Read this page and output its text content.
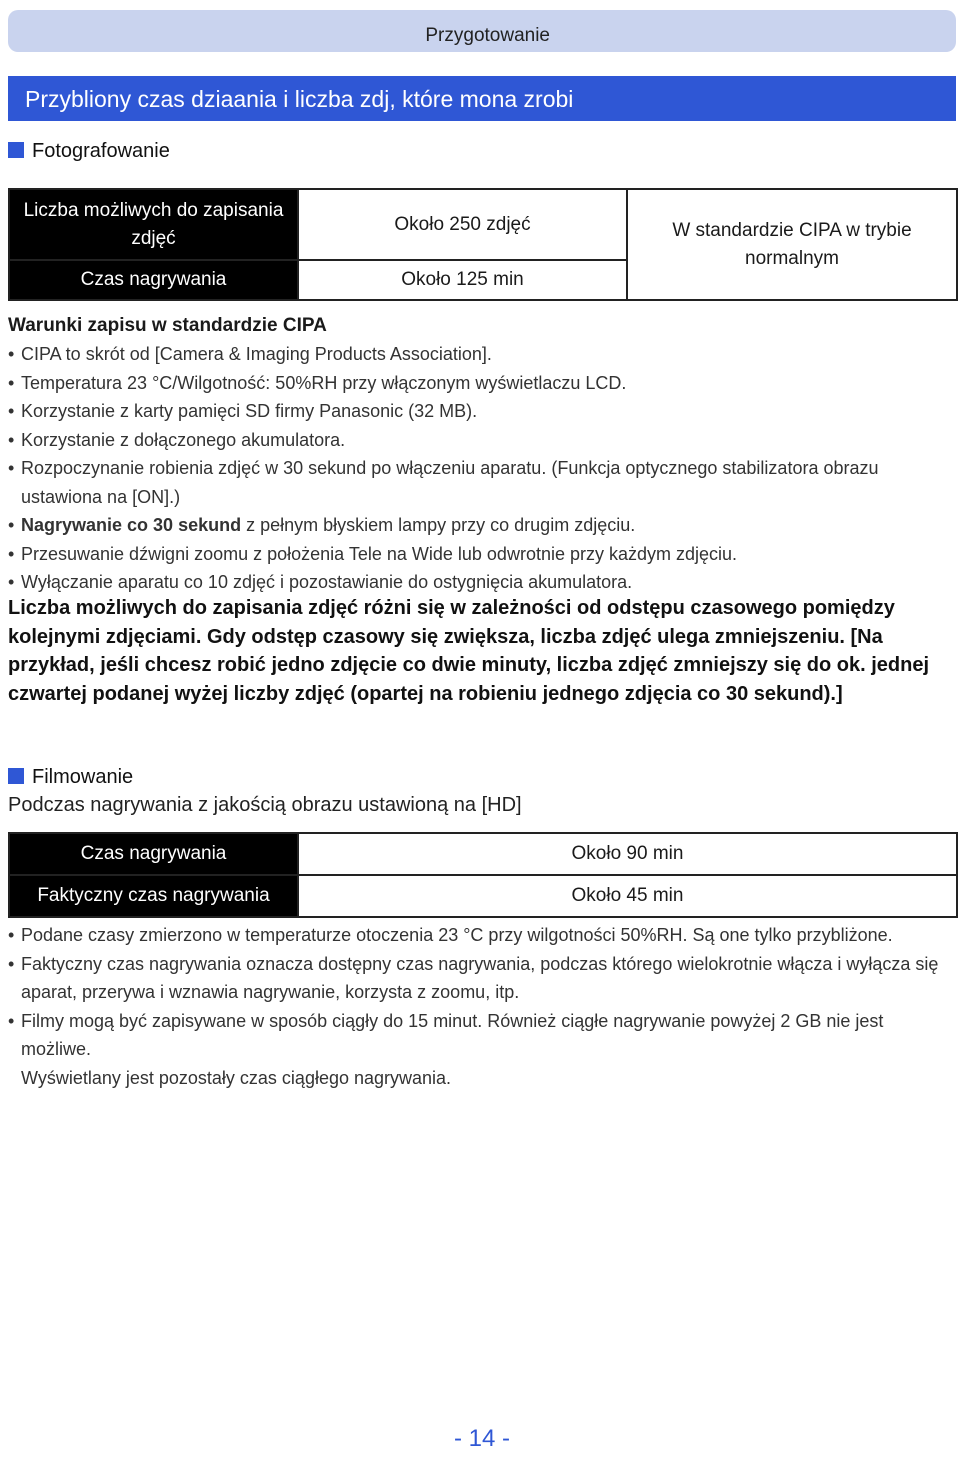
Przygotowanie
Przybliony czas dziaania i liczba zdj, które mona zrobi
Fotografowanie
Liczba możliwych do zapisania zdjęć	Około 250 zdjęć	W standardzie CIPA w trybie normalnym
Czas nagrywania	Około 125 min	
Warunki zapisu w standardzie CIPA
• CIPA to skrót od [Camera & Imaging Products Association].
• Temperatura 23 °C/Wilgotność: 50%RH przy włączonym wyświetlaczu LCD.
• Korzystanie z karty pamięci SD firmy Panasonic (32 MB).
• Korzystanie z dołączonego akumulatora.
• Rozpoczynanie robienia zdjęć w 30 sekund po włączeniu aparatu. (Funkcja optycznego stabilizatora obrazu ustawiona na [ON].)
• Nagrywanie co 30 sekund z pełnym błyskiem lampy przy co drugim zdjęciu.
• Przesuwanie dźwigni zoomu z położenia Tele na Wide lub odwrotnie przy każdym zdjęciu.
• Wyłączanie aparatu co 10 zdjęć i pozostawianie do ostygnięcia akumulatora.
Liczba możliwych do zapisania zdjęć różni się w zależności od odstępu czasowego pomiędzy kolejnymi zdjęciami. Gdy odstęp czasowy się zwiększa, liczba zdjęć ulega zmniejszeniu. [Na przykład, jeśli chcesz robić jedno zdjęcie co dwie minuty, liczba zdjęć zmniejszy się do ok. jednej czwartej podanej wyżej liczby zdjęć (opartej na robieniu jednego zdjęcia co 30 sekund).]
Filmowanie
Podczas nagrywania z jakością obrazu ustawioną na [HD]
Czas nagrywania	Około 90 min
Faktyczny czas nagrywania	Około 45 min
• Podane czasy zmierzono w temperaturze otoczenia 23 °C przy wilgotności 50%RH. Są one tylko przybliżone.
• Faktyczny czas nagrywania oznacza dostępny czas nagrywania, podczas którego wielokrotnie włącza i wyłącza się aparat, przerywa i wznawia nagrywanie, korzysta z zoomu, itp.
• Filmy mogą być zapisywane w sposób ciągły do 15 minut. Również ciągłe nagrywanie powyżej 2 GB nie jest możliwe.
Wyświetlany jest pozostały czas ciągłego nagrywania.
- 14 -
